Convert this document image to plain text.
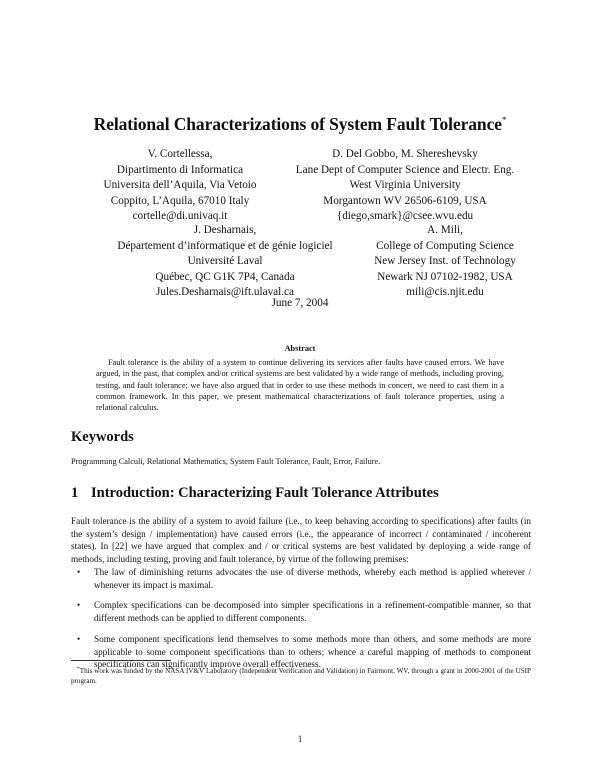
Relational Characterizations of System Fault Tolerance*
V. Cortellessa,
Dipartimento di Informatica
Universita dell’Aquila, Via Vetoio
Coppito, L’Aquila, 67010 Italy
cortelle@di.univaq.it
D. Del Gobbo, M. Shereshevsky
Lane Dept of Computer Science and Electr. Eng.
West Virginia University
Morgantown WV 26506-6109, USA
{diego,smark}@csee.wvu.edu
J. Desharnais,
Département d’informatique et de génie logiciel
Université Laval
Québec, QC G1K 7P4, Canada
Jules.Desharnais@ift.ulaval.ca
A. Mili,
College of Computing Science
New Jersey Inst. of Technology
Newark NJ 07102-1982, USA
mili@cis.njit.edu
June 7, 2004
Abstract
Fault tolerance is the ability of a system to continue delivering its services after faults have caused errors. We have argued, in the past, that complex and/or critical systems are best validated by a wide range of methods, including proving, testing, and fault tolerance; we have also argued that in order to use these methods in concert, we need to cast them in a common framework. In this paper, we present mathematical characterizations of fault tolerance properties, using a relational calculus.
Keywords
Programming Calculi, Relational Mathematics, System Fault Tolerance, Fault, Error, Failure.
1 Introduction: Characterizing Fault Tolerance Attributes
Fault tolerance is the ability of a system to avoid failure (i.e., to keep behaving according to specifications) after faults (in the system’s design / implementation) have caused errors (i.e., the appearance of incorrect / contaminated / incoherent states). In [22] we have argued that complex and / or critical systems are best validated by deploying a wide range of methods, including testing, proving and fault tolerance, by virtue of the following premises:
• The law of diminishing returns advocates the use of diverse methods, whereby each method is applied wherever / whenever its impact is maximal.
• Complex specifications can be decomposed into simpler specifications in a refinement-compatible manner, so that different methods can be applied to different components.
• Some component specifications lend themselves to some methods more than others, and some methods are more applicable to some component specifications than to others; whence a careful mapping of methods to component specifications can significantly improve overall effectiveness.
*This work was funded by the NASA IV&V Laboratory (Independent Verification and Validation) in Fairmont, WV, through a grant in 2000-2001 of the USIP program.
1
